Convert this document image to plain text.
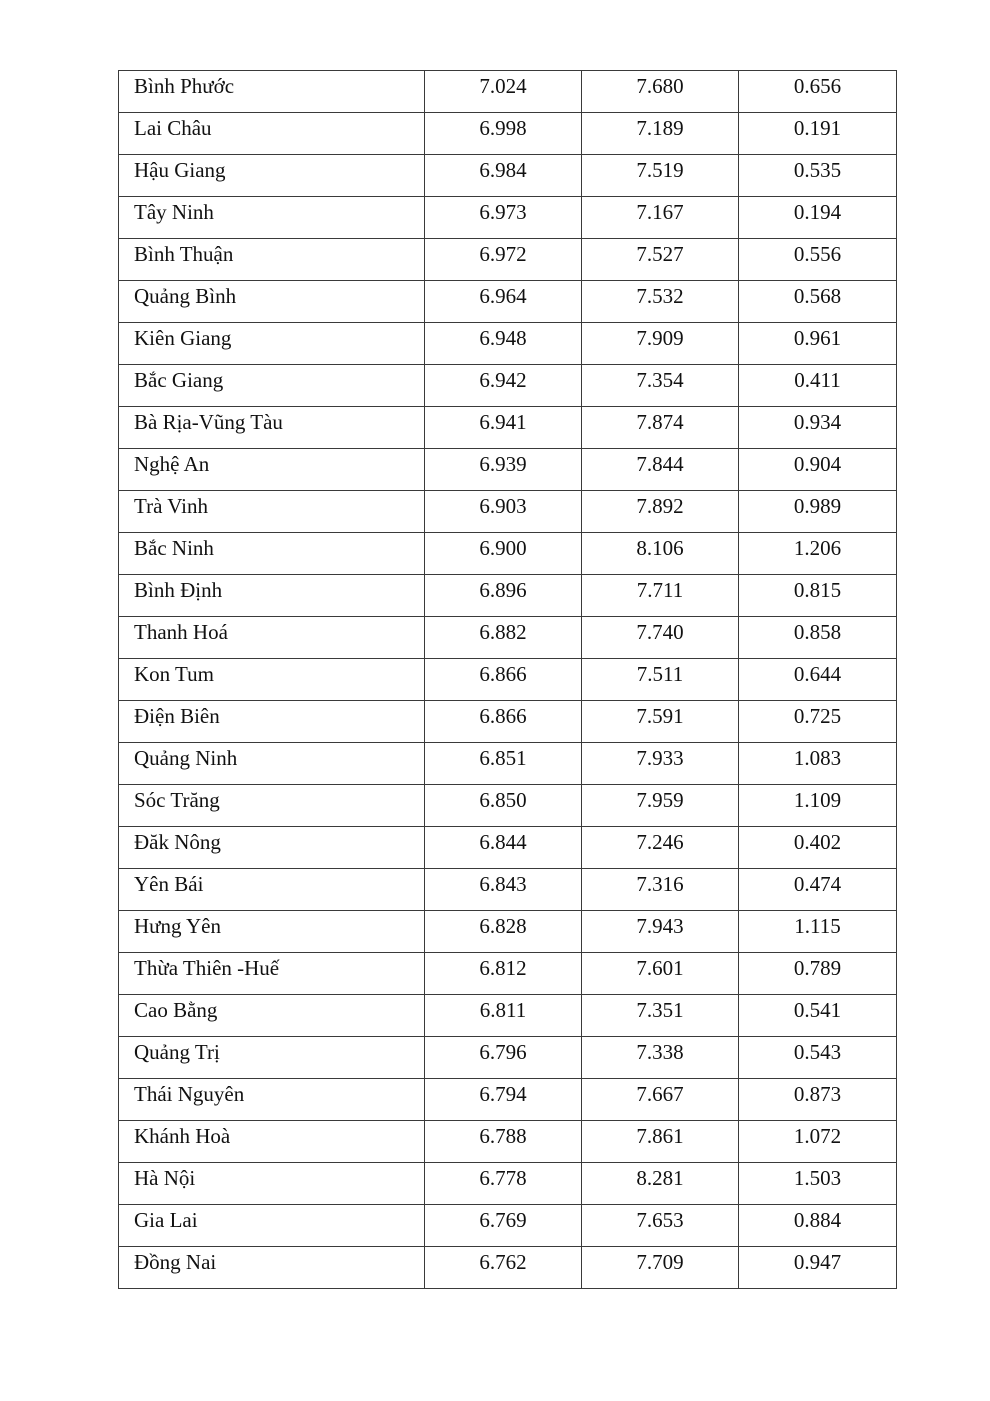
Bình Phước	7.024	7.680	0.656

Lai Châu	6.998	7.189	0.191

Hậu Giang	6.984	7.519	0.535

Tây Ninh	6.973	7.167	0.194

Bình Thuận	6.972	7.527	0.556

Quảng Bình	6.964	7.532	0.568

Kiên Giang	6.948	7.909	0.961

Bắc Giang	6.942	7.354	0.411

Bà Rịa-Vũng Tàu	6.941	7.874	0.934

Nghệ An	6.939	7.844	0.904

Trà Vinh	6.903	7.892	0.989

Bắc Ninh	6.900	8.106	1.206

Bình Định	6.896	7.711	0.815

Thanh Hoá	6.882	7.740	0.858

Kon Tum	6.866	7.511	0.644

Điện Biên	6.866	7.591	0.725

Quảng Ninh	6.851	7.933	1.083

Sóc Trăng	6.850	7.959	1.109

Đăk Nông	6.844	7.246	0.402

Yên Bái	6.843	7.316	0.474

Hưng Yên	6.828	7.943	1.115

Thừa Thiên -Huế	6.812	7.601	0.789

Cao Bằng	6.811	7.351	0.541

Quảng Trị	6.796	7.338	0.543

Thái Nguyên	6.794	7.667	0.873

Khánh Hoà	6.788	7.861	1.072

Hà Nội	6.778	8.281	1.503

Gia Lai	6.769	7.653	0.884

Đồng Nai	6.762	7.709	0.947
